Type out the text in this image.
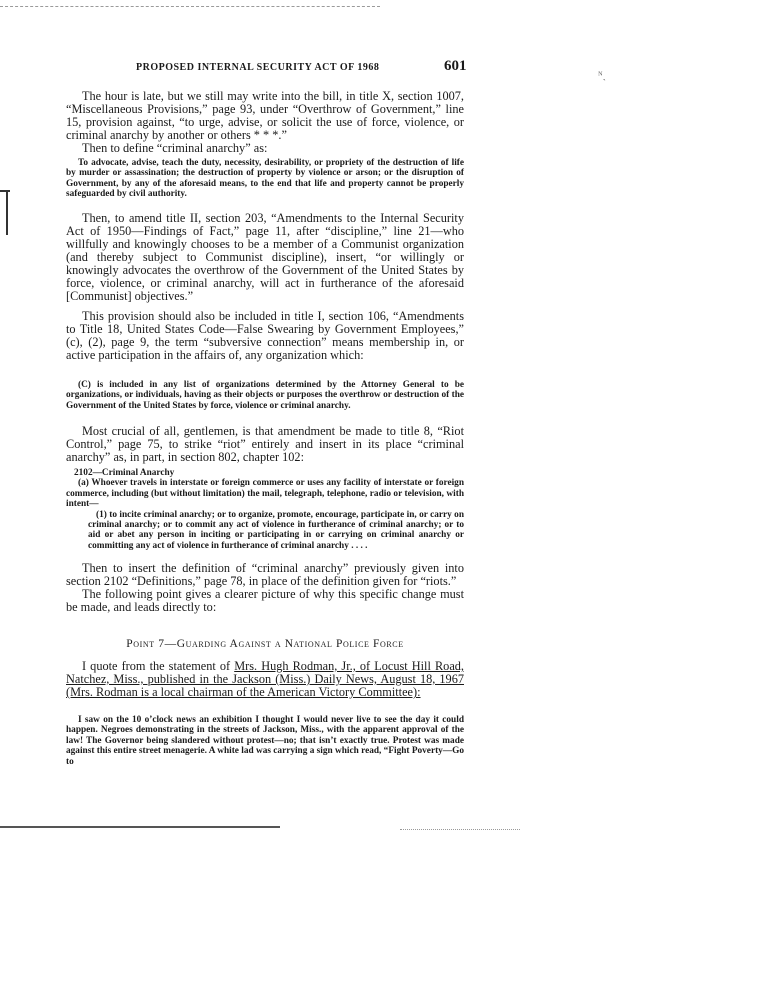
ᴺˎ
PROPOSED INTERNAL SECURITY ACT OF 1968	601

The hour is late, but we still may write into the bill, in title X, section 1007, “Miscellaneous Provisions,” page 93, under “Overthrow of Government,” line 15, provision against, “to urge, advise, or solicit the use of force, violence, or criminal anarchy by another or others * * *.”

Then to define “criminal anarchy” as:

To advocate, advise, teach the duty, necessity, desirability, or propriety of the destruction of life by murder or assassination; the destruction of property by violence or arson; or the disruption of Government, by any of the aforesaid means, to the end that life and property cannot be properly safeguarded by civil authority.

Then, to amend title II, section 203, “Amendments to the Internal Security Act of 1950—Findings of Fact,” page 11, after “discipline,” line 21—who willfully and knowingly chooses to be a member of a Communist organization (and thereby subject to Communist discipline), insert, “or willingly or knowingly advocates the overthrow of the Government of the United States by force, violence, or criminal anarchy, will act in furtherance of the aforesaid [Communist] objectives.”

This provision should also be included in title I, section 106, “Amendments to Title 18, United States Code—False Swearing by Government Employees,” (c), (2), page 9, the term “subversive connection” means membership in, or active participation in the affairs of, any organization which:

(C) is included in any list of organizations determined by the Attorney General to be organizations, or individuals, having as their objects or purposes the overthrow or destruction of the Government of the United States by force, violence or criminal anarchy.

Most crucial of all, gentlemen, is that amendment be made to title 8, “Riot Control,” page 75, to strike “riot” entirely and insert in its place “criminal anarchy” as, in part, in section 802, chapter 102:

2102—Criminal Anarchy

(a) Whoever travels in interstate or foreign commerce or uses any facility of interstate or foreign commerce, including (but without limitation) the mail, telegraph, telephone, radio or television, with intent—

(1) to incite criminal anarchy; or to organize, promote, encourage, participate in, or carry on criminal anarchy; or to commit any act of violence in furtherance of criminal anarchy; or to aid or abet any person in inciting or participating in or carrying on criminal anarchy or committing any act of violence in furtherance of criminal anarchy . . . .

Then to insert the definition of “criminal anarchy” previously given into section 2102 “Definitions,” page 78, in place of the definition given for “riots.”

The following point gives a clearer picture of why this specific change must be made, and leads directly to:

Point 7—Guarding Against a National Police Force

I quote from the statement of Mrs. Hugh Rodman, Jr., of Locust Hill Road, Natchez, Miss., published in the Jackson (Miss.) Daily News, August 18, 1967 (Mrs. Rodman is a local chairman of the American Victory Committee):

I saw on the 10 o’clock news an exhibition I thought I would never live to see the day it could happen. Negroes demonstrating in the streets of Jackson, Miss., with the apparent approval of the law! The Governor being slandered without protest—no; that isn’t exactly true. Protest was made against this entire street menagerie. A white lad was carrying a sign which read, “Fight Poverty—Go to
